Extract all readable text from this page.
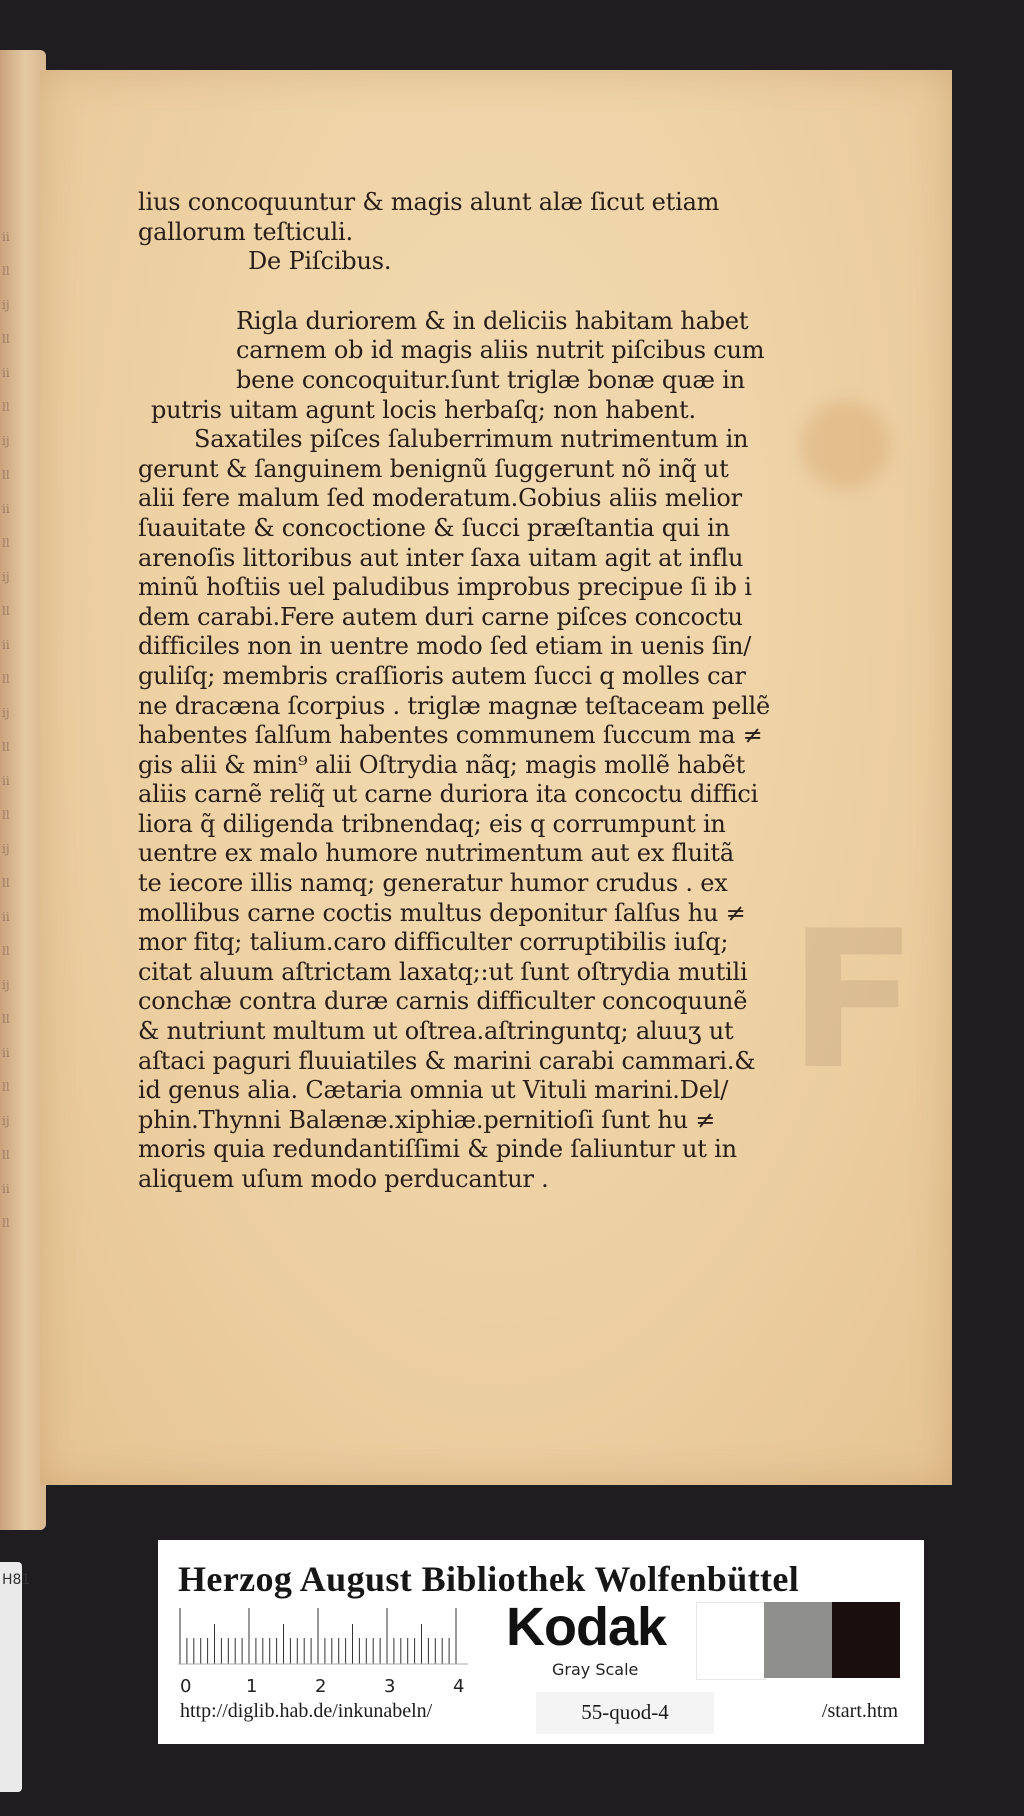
ii
ll
ij
ll
ii
ll
ij
ll
ii
ll
ij
ll
ii
ll
ij
ll
ii
ll
ij
ll
ii
ll
ij
ll
ii
ll
ij
ll
ii
ll
F
lius concoquuntur & magis alunt alæ ſicut etiam
gallorum teſticuli.
De Piſcibus.
Rigla duriorem & in deliciis habitam habet
carnem ob id magis aliis nutrit piſcibus cum
bene concoquitur.ſunt triglæ bonæ quæ in
putris uitam agunt locis herbaſq; non habent.
Saxatiles piſces ſaluberrimum nutrimentum in
gerunt & ſanguinem benignũ ſuggerunt nõ inq̃ ut
alii fere malum ſed moderatum.Gobius aliis melior
ſuauitate & concoctione & ſucci præſtantia qui in
arenoſis littoribus aut inter ſaxa uitam agit at influ
minũ hoſtiis uel paludibus improbus precipue ſi ib i
dem carabi.Fere autem duri carne piſces concoctu
difficiles non in uentre modo ſed etiam in uenis ſin/
guliſq; membris craſſioris autem ſucci q molles car
ne dracæna ſcorpius . triglæ magnæ teſtaceam pellẽ
habentes ſalſum habentes communem ſuccum ma ≠
gis alii & min⁹ alii Oſtrydia nãq; magis mollẽ habẽt
aliis carnẽ reliq̃ ut carne duriora ita concoctu diffici
liora q̃ diligenda tribnendaq; eis q corrumpunt in
uentre ex malo humore nutrimentum aut ex fluitã
te iecore illis namq; generatur humor crudus . ex
mollibus carne coctis multus deponitur ſalſus hu ≠
mor fitq; talium.caro difficulter corruptibilis iuſq;
citat aluum aſtrictam laxatq;:ut ſunt oſtrydia mutili
conchæ contra duræ carnis difficulter concoquunẽ
& nutriunt multum ut oſtrea.aſtringuntq; aluuʒ ut
aſtaci paguri fluuiatiles & marini carabi cammari.&
id genus alia. Cætaria omnia ut Vituli marini.Del/
phin.Thynni Balænæ.xiphiæ.pernitioſi ſunt hu ≠
moris quia redundantiſſimi & pinde ſaliuntur ut in
aliquem uſum modo perducantur .
Herzog August Bibliothek Wolfenbüttel
0	1	2	3	4
Kodak
Gray Scale
http://diglib.hab.de/inkunabeln/	55-quod-4	/start.htm
H81
